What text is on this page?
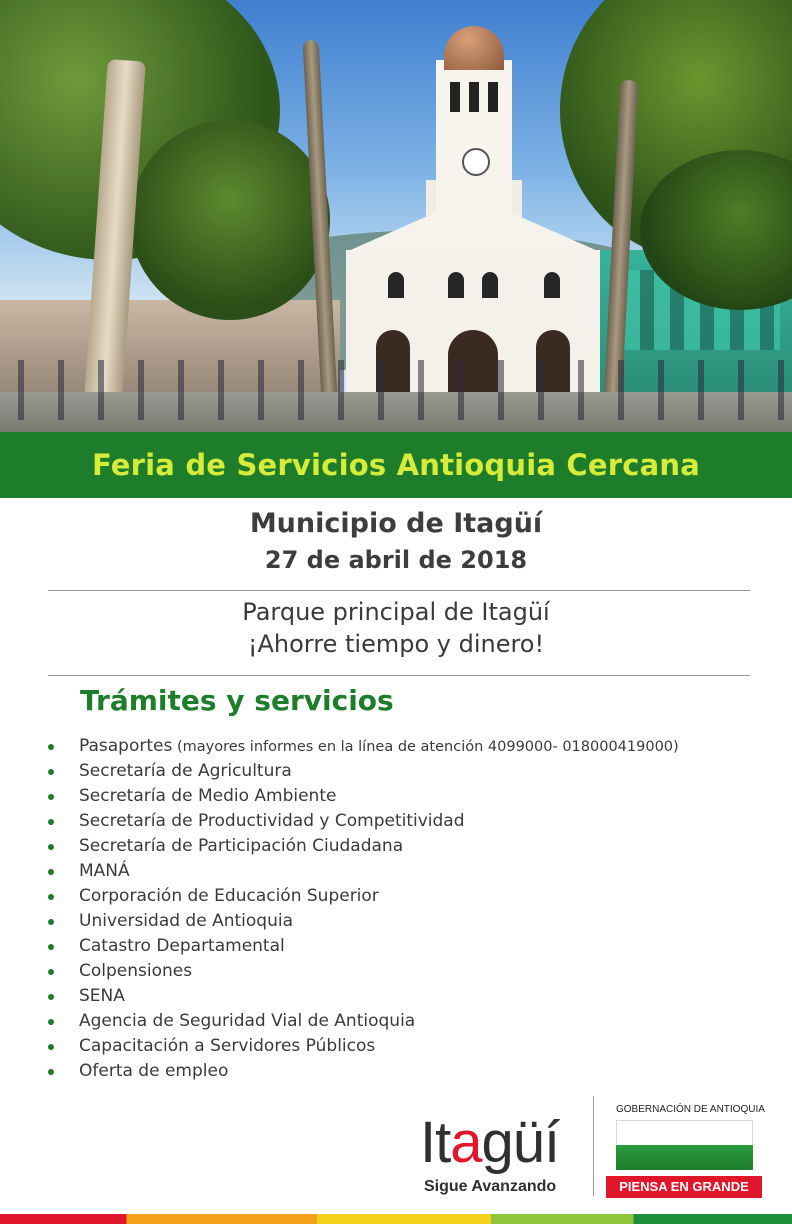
Feria de Servicios Antioquia Cercana
Municipio de Itagüí
27 de abril de 2018
Parque principal de Itagüí
¡Ahorre tiempo y dinero!
Trámites y servicios
Pasaportes (mayores informes en la línea de atención 4099000- 018000419000)
Secretaría de Agricultura
Secretaría de Medio Ambiente
Secretaría de Productividad y Competitividad
Secretaría de Participación Ciudadana
MANÁ
Corporación de Educación Superior
Universidad de Antioquia
Catastro Departamental
Colpensiones
SENA
Agencia de Seguridad Vial de Antioquia
Capacitación a Servidores Públicos
Oferta de empleo
Itagüí
Sigue Avanzando
GOBERNACIÓN DE ANTIOQUIA
PIENSA EN GRANDE
